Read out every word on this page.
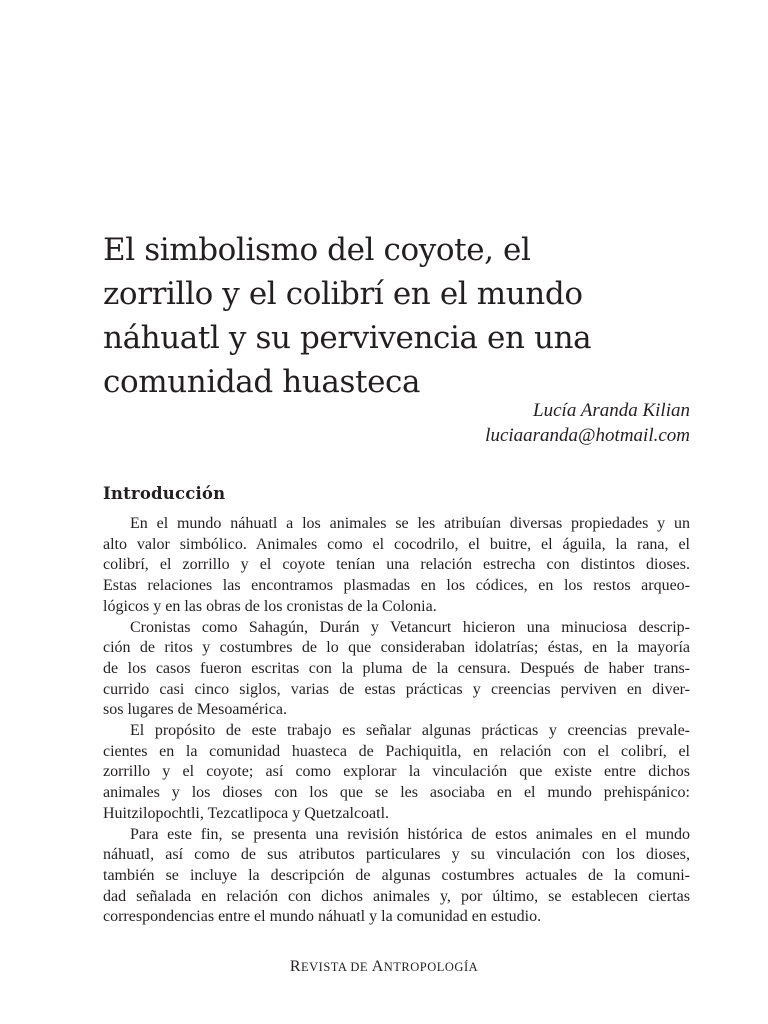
El simbolismo del coyote, el
zorrillo y el colibrí en el mundo
náhuatl y su pervivencia en una
comunidad huasteca
Lucía Aranda Kilian
luciaaranda@hotmail.com
Introducción
En el mundo náhuatl a los animales se les atribuían diversas propiedades y un
alto valor simbólico. Animales como el cocodrilo, el buitre, el águila, la rana, el
colibrí, el zorrillo y el coyote tenían una relación estrecha con distintos dioses.
Estas relaciones las encontramos plasmadas en los códices, en los restos arqueo-
lógicos y en las obras de los cronistas de la Colonia.
Cronistas como Sahagún, Durán y Vetancurt hicieron una minuciosa descrip-
ción de ritos y costumbres de lo que consideraban idolatrías; éstas, en la mayoría
de los casos fueron escritas con la pluma de la censura. Después de haber trans-
currido casi cinco siglos, varias de estas prácticas y creencias perviven en diver-
sos lugares de Mesoamérica.
El propósito de este trabajo es señalar algunas prácticas y creencias prevale-
cientes en la comunidad huasteca de Pachiquitla, en relación con el colibrí, el
zorrillo y el coyote; así como explorar la vinculación que existe entre dichos
animales y los dioses con los que se les asociaba en el mundo prehispánico:
Huitzilopochtli, Tezcatlipoca y Quetzalcoatl.
Para este fin, se presenta una revisión histórica de estos animales en el mundo
náhuatl, así como de sus atributos particulares y su vinculación con los dioses,
también se incluye la descripción de algunas costumbres actuales de la comuni-
dad señalada en relación con dichos animales y, por último, se establecen ciertas
correspondencias entre el mundo náhuatl y la comunidad en estudio.
REVISTA DE ANTROPOLOGÍA
